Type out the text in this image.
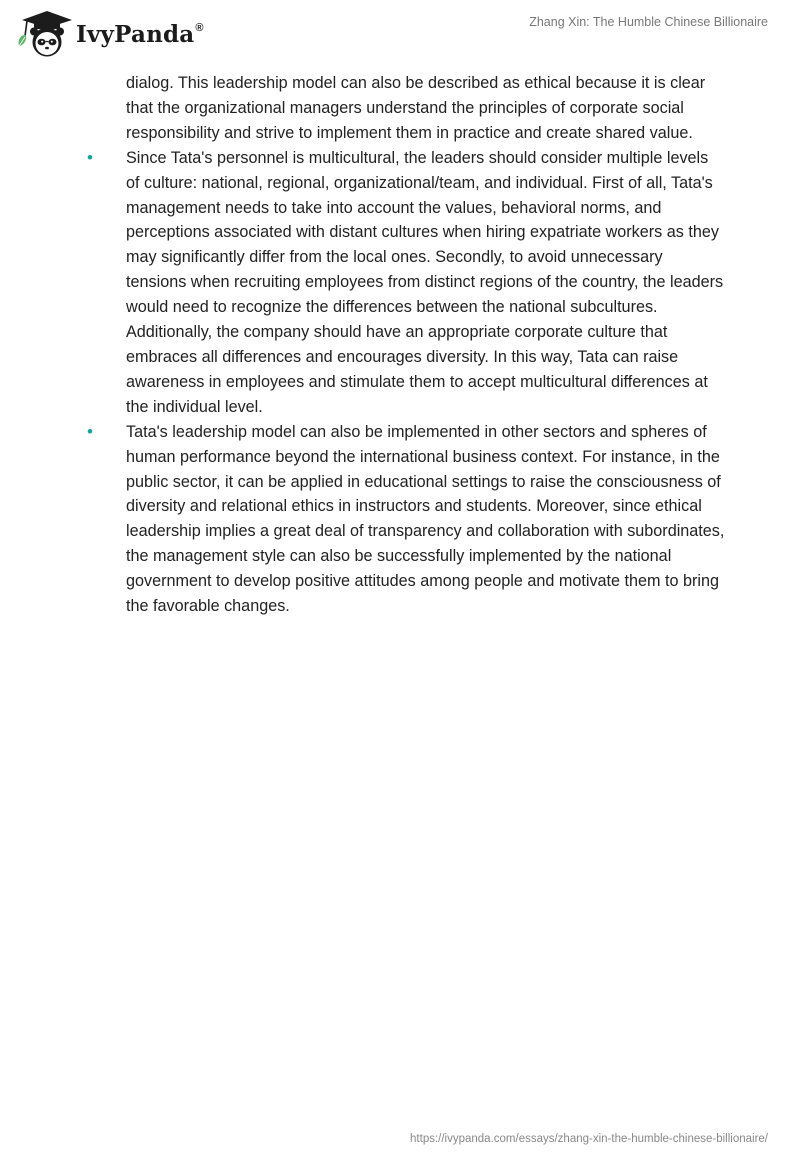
IvyPanda®	Zhang Xin: The Humble Chinese Billionaire
dialog. This leadership model can also be described as ethical because it is clear that the organizational managers understand the principles of corporate social responsibility and strive to implement them in practice and create shared value.
•	Since Tata's personnel is multicultural, the leaders should consider multiple levels of culture: national, regional, organizational/team, and individual. First of all, Tata's management needs to take into account the values, behavioral norms, and perceptions associated with distant cultures when hiring expatriate workers as they may significantly differ from the local ones. Secondly, to avoid unnecessary tensions when recruiting employees from distinct regions of the country, the leaders would need to recognize the differences between the national subcultures. Additionally, the company should have an appropriate corporate culture that embraces all differences and encourages diversity. In this way, Tata can raise awareness in employees and stimulate them to accept multicultural differences at the individual level.
•	Tata's leadership model can also be implemented in other sectors and spheres of human performance beyond the international business context. For instance, in the public sector, it can be applied in educational settings to raise the consciousness of diversity and relational ethics in instructors and students. Moreover, since ethical leadership implies a great deal of transparency and collaboration with subordinates, the management style can also be successfully implemented by the national government to develop positive attitudes among people and motivate them to bring the favorable changes.
https://ivypanda.com/essays/zhang-xin-the-humble-chinese-billionaire/
